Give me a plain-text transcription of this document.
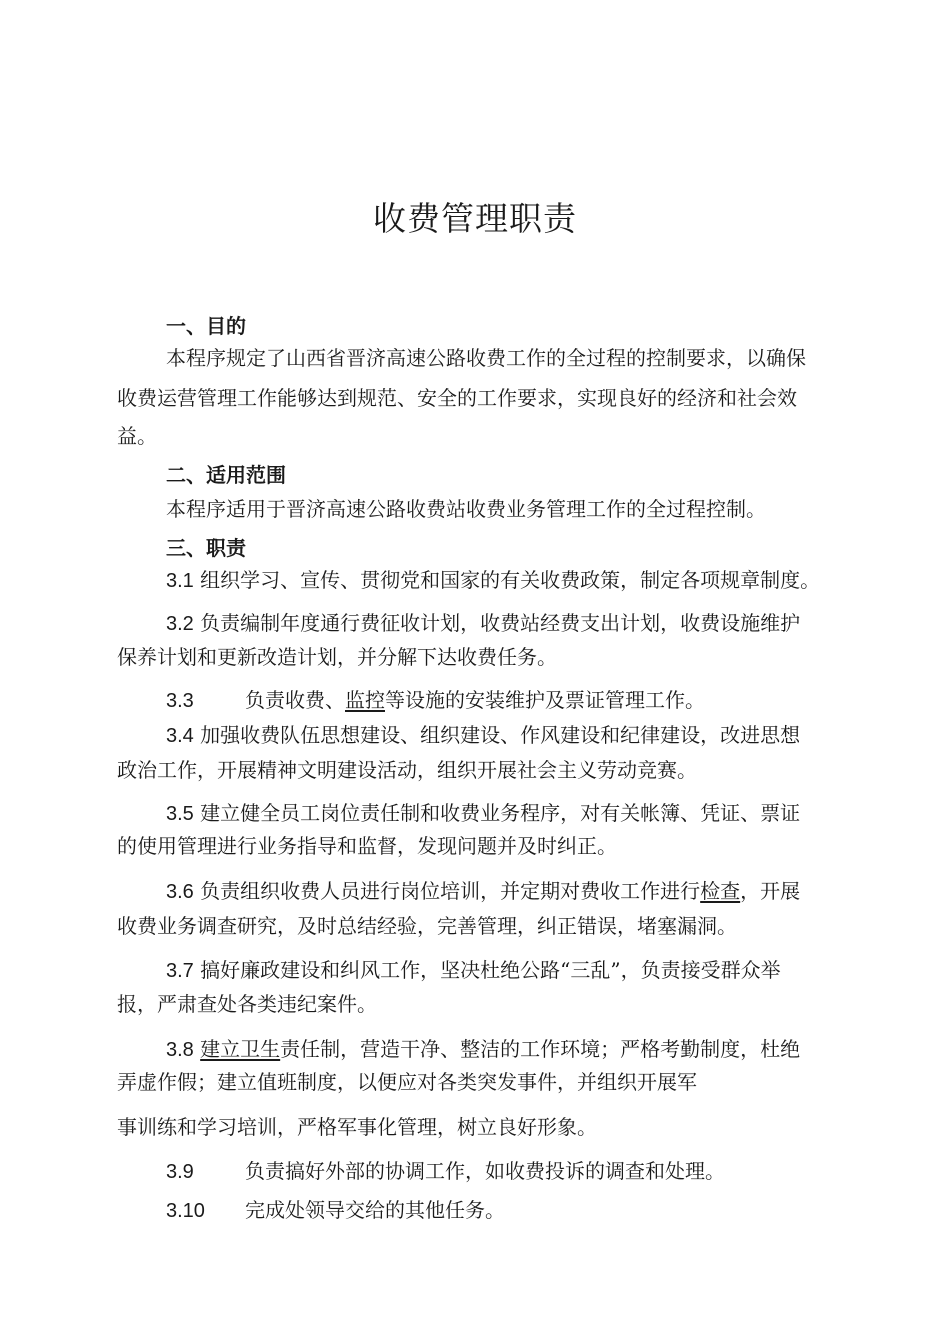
收费管理职责
一、目的
本程序规定了山西省晋济高速公路收费工作的全过程的控制要求，以确保
收费运营管理工作能够达到规范、安全的工作要求，实现良好的经济和社会效
益。
二、适用范围
本程序适用于晋济高速公路收费站收费业务管理工作的全过程控制。
三、职责
3.1 组织学习、宣传、贯彻党和国家的有关收费政策，制定各项规章制度。
3.2 负责编制年度通行费征收计划，收费站经费支出计划，收费设施维护
保养计划和更新改造计划，并分解下达收费任务。
3.3	负责收费、监控等设施的安装维护及票证管理工作。
3.4 加强收费队伍思想建设、组织建设、作风建设和纪律建设，改进思想
政治工作，开展精神文明建设活动，组织开展社会主义劳动竞赛。
3.5 建立健全员工岗位责任制和收费业务程序，对有关帐簿、凭证、票证
的使用管理进行业务指导和监督，发现问题并及时纠正。
3.6 负责组织收费人员进行岗位培训，并定期对费收工作进行检查，开展
收费业务调查研究，及时总结经验，完善管理，纠正错误，堵塞漏洞。
3.7 搞好廉政建设和纠风工作，坚决杜绝公路“三乱”，负责接受群众举
报，严肃查处各类违纪案件。
3.8 建立卫生责任制，营造干净、整洁的工作环境；严格考勤制度，杜绝
弄虚作假；建立值班制度，以便应对各类突发事件，并组织开展军
事训练和学习培训，严格军事化管理，树立良好形象。
3.9	负责搞好外部的协调工作，如收费投诉的调查和处理。
3.10 完成处领导交给的其他任务。
